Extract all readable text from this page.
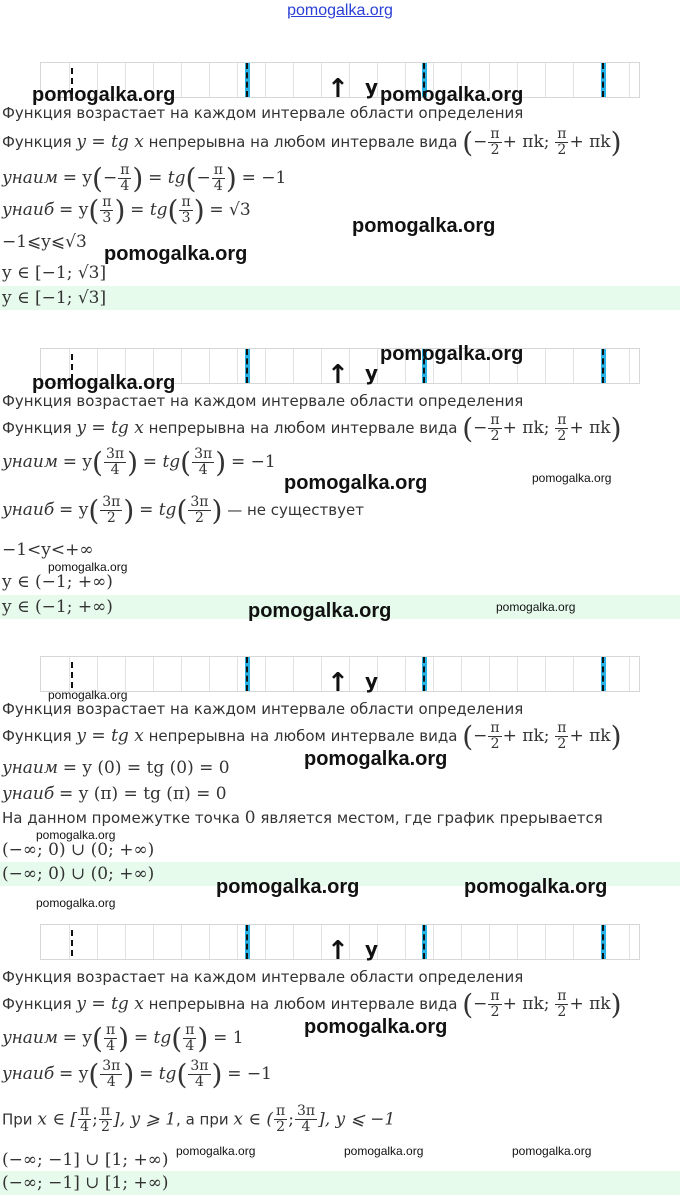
pomogalka.org
↑ y
Функция возрастает на каждом интервале области определения
Функция y = tg x непрерывна на любом интервале вида (− $\frac{\pi}{2} + \pi k$; $\frac{\pi}{2} + \pi k$)
yнаим = $y(- \frac{\pi}{4}$ ) = $tg(- \frac{\pi}{4}$ ) = −1
yнаиб = $y( \frac{\pi}{3}$ ) = $tg( \frac{\pi}{3}$ ) = √3
−1⩽y⩽√3
y ∈ [−1; √3]
y ∈ [−1; √3]
↑ y
Функция возрастает на каждом интервале области определения
Функция y = tg x непрерывна на любом интервале вида (− $\frac{\pi}{2} + \pi k$; $\frac{\pi}{2} + \pi k$)
yнаим = $y( \frac{3\pi}{4}$ ) = $tg( \frac{3\pi}{4}$ ) = −1
yнаиб = $y( \frac{3\pi}{2}$ ) = $tg( \frac{3\pi}{2}$ ) — не существует
−1<y<+∞
y ∈ (−1; +∞)
y ∈ (−1; +∞)
↑ y
Функция возрастает на каждом интервале области определения
Функция y = tg x непрерывна на любом интервале вида (− $\frac{\pi}{2} + \pi k$; $\frac{\pi}{2} + \pi k$)
yнаим = y (0) = tg (0) = 0
yнаиб = y (π) = tg (π) = 0
На данном промежутке точка 0 является местом, где график прерывается
(−∞; 0) ∪ (0; +∞)
(−∞; 0) ∪ (0; +∞)
↑ y
Функция возрастает на каждом интервале области определения
Функция y = tg x непрерывна на любом интервале вида (− $\frac{\pi}{2} + \pi k$; $\frac{\pi}{2} + \pi k$)
yнаим = $y( \frac{\pi}{4}$ ) = $tg( \frac{\pi}{4}$ ) = 1
yнаиб = $y( \frac{3\pi}{4}$ ) = $tg( \frac{3\pi}{4}$ ) = −1
При x ∈ [ $\frac{\pi}{4}$ ; $\frac{\pi}{2}$ ], y ⩾ 1, а при x ∈ ( $\frac{\pi}{2}$ ; $\frac{3\pi}{4}$ ], y ⩽ −1
(−∞; −1] ∪ [1; +∞)
(−∞; −1] ∪ [1; +∞)
pomogalka.org	pomogalka.org
pomogalka.org
pomogalka.org
pomogalka.org
pomogalka.org
pomogalka.org	pomogalka.org
pomogalka.org
pomogalka.org	pomogalka.org
pomogalka.org
pomogalka.org
pomogalka.org
pomogalka.org	pomogalka.org
pomogalka.org
pomogalka.org
pomogalka.org	pomogalka.org	pomogalka.org
